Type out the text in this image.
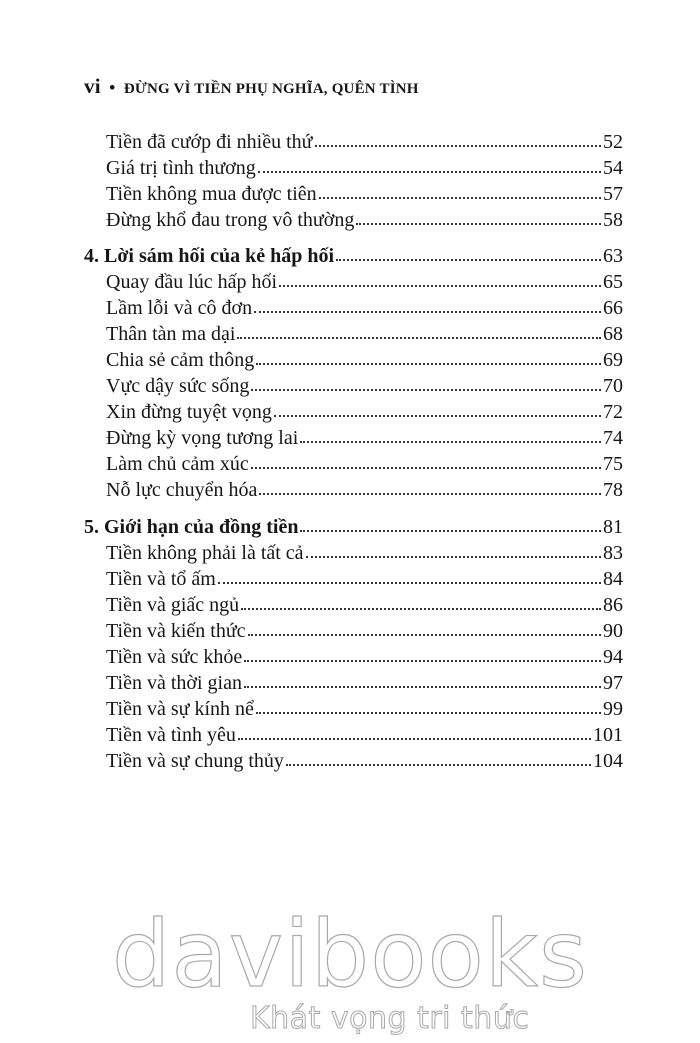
vi • ĐỪNG VÌ TIỀN PHỤ NGHĨA, QUÊN TÌNH
Tiền đã cướp đi nhiều thứ	52
Giá trị tình thương	54
Tiền không mua được tiên	57
Đừng khổ đau trong vô thường	58
4. Lời sám hối của kẻ hấp hối	63
Quay đầu lúc hấp hối	65
Lầm lỗi và cô đơn	66
Thân tàn ma dại	68
Chia sẻ cảm thông	69
Vực dậy sức sống	70
Xin đừng tuyệt vọng	72
Đừng kỳ vọng tương lai	74
Làm chủ cảm xúc	75
Nỗ lực chuyển hóa	78
5. Giới hạn của đồng tiền	81
Tiền không phải là tất cả	83
Tiền và tổ ấm	84
Tiền và giấc ngủ	86
Tiền và kiến thức	90
Tiền và sức khỏe	94
Tiền và thời gian	97
Tiền và sự kính nể	99
Tiền và tình yêu	101
Tiền và sự chung thủy	104
davibooks
Khát vọng tri thức
